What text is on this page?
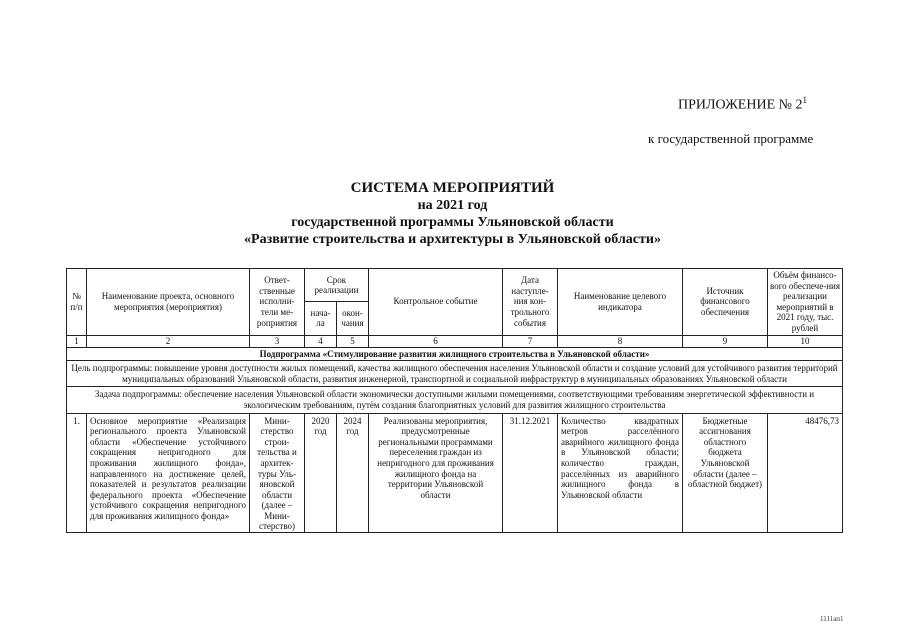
ПРИЛОЖЕНИЕ № $2^1$
к государственной программе
СИСТЕМА МЕРОПРИЯТИЙ
на 2021 год
государственной программы Ульяновской области
«Развитие строительства и архитектуры в Ульяновской области»
№ п/п	Наименование проекта, основного мероприятия (мероприятия)	Ответ-ственные исполни-тели ме-роприятия	Срок реализации		Контрольное событие	Дата наступле-ния кон-трольного события	Наименование целевого индикатора	Источник финансового обеспечения	Объём финансо-вого обеспече-ния реализации мероприятий в 2021 году, тыс. рублей
			нача-ла	окон-чания					
1	2	3	4	5	6	7	8	9	10
Подпрограмма «Стимулирование развития жилищного строительства в Ульяновской области»									
Цель подпрограммы: повышение уровня доступности жилых помещений, качества жилищного обеспечения населения Ульяновской области и создание условий для устойчивого развития территорий муниципальных образований Ульяновской области, развития инженерной, транспортной и социальной инфраструктур в муниципальных образованиях Ульяновской области									
Задача подпрограммы: обеспечение населения Ульяновской области экономически доступными жилыми помещениями, соответствующими требованиям энергетической эффективности и экологическим требованиям, путём создания благоприятных условий для развития жилищного строительства									
1.	Основное мероприятие «Реализация регионального проекта Ульяновской области «Обеспечение устойчивого сокращения непригодного для проживания жилищного фонда», направленного на достижение целей, показателей и результатов реализации федерального проекта «Обеспечение устойчивого сокращения непригодного для проживания жилищного фонда»	Мини-стерство строи-тельства и архитек-туры Уль-яновской области (далее – Мини-стерство)	2020 год	2024 год	Реализованы мероприятия, предусмотренные региональными программами переселения граждан из непригодного для проживания жилищного фонда на территории Ульяновской области	31.12.2021	Количество квадратных метров расселённого аварийного жилищного фонда в Ульяновской области; количество граждан, расселённых из аварийного жилищного фонда в Ульяновской области	Бюджетные ассигнования областного бюджета Ульяновской области (далее – областной бюджет)	48476,73
1111ап1
